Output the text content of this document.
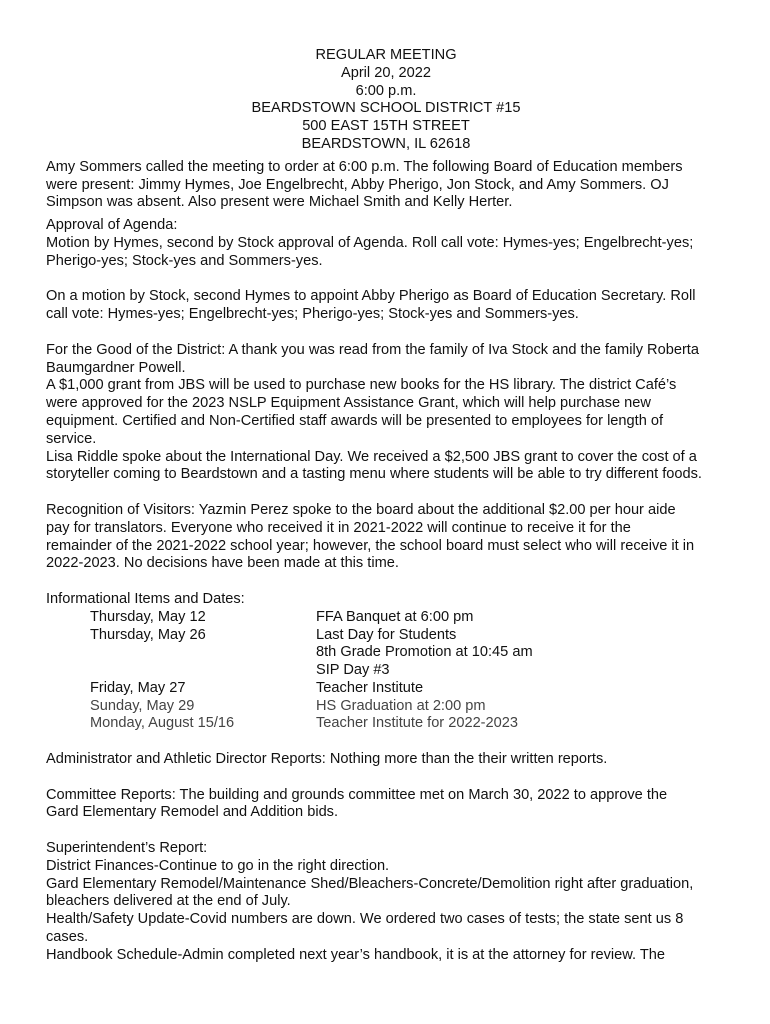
REGULAR MEETING
April 20, 2022
6:00 p.m.
BEARDSTOWN SCHOOL DISTRICT #15
500 EAST 15TH STREET
BEARDSTOWN, IL 62618
Amy Sommers called the meeting to order at 6:00 p.m. The following Board of Education members
were present: Jimmy Hymes, Joe Engelbrecht, Abby Pherigo, Jon Stock, and Amy Sommers. OJ
Simpson was absent. Also present were Michael Smith and Kelly Herter.
Approval of Agenda:
Motion by Hymes, second by Stock approval of Agenda. Roll call vote: Hymes-yes; Engelbrecht-yes;
Pherigo-yes; Stock-yes and Sommers-yes.
On a motion by Stock, second Hymes to appoint Abby Pherigo as Board of Education Secretary. Roll
call vote: Hymes-yes; Engelbrecht-yes; Pherigo-yes; Stock-yes and Sommers-yes.
For the Good of the District: A thank you was read from the family of Iva Stock and the family Roberta
Baumgardner Powell.
A $1,000 grant from JBS will be used to purchase new books for the HS library. The district Café’s
were approved for the 2023 NSLP Equipment Assistance Grant, which will help purchase new
equipment. Certified and Non-Certified staff awards will be presented to employees for length of
service.
Lisa Riddle spoke about the International Day. We received a $2,500 JBS grant to cover the cost of a
storyteller coming to Beardstown and a tasting menu where students will be able to try different foods.
Recognition of Visitors: Yazmin Perez spoke to the board about the additional $2.00 per hour aide
pay for translators. Everyone who received it in 2021-2022 will continue to receive it for the
remainder of the 2021-2022 school year; however, the school board must select who will receive it in
2022-2023. No decisions have been made at this time.
Informational Items and Dates:
Thursday, May 12	FFA Banquet at 6:00 pm
Thursday, May 26	Last Day for Students

8th Grade Promotion at 10:45 am

SIP Day #3
Friday, May 27	Teacher Institute
Sunday, May 29	HS Graduation at 2:00 pm
Monday, August 15/16	Teacher Institute for 2022-2023
Administrator and Athletic Director Reports: Nothing more than the their written reports.
Committee Reports: The building and grounds committee met on March 30, 2022 to approve the
Gard Elementary Remodel and Addition bids.
Superintendent’s Report:
District Finances-Continue to go in the right direction.
Gard Elementary Remodel/Maintenance Shed/Bleachers-Concrete/Demolition right after graduation,
bleachers delivered at the end of July.
Health/Safety Update-Covid numbers are down. We ordered two cases of tests; the state sent us 8
cases.
Handbook Schedule-Admin completed next year’s handbook, it is at the attorney for review. The
